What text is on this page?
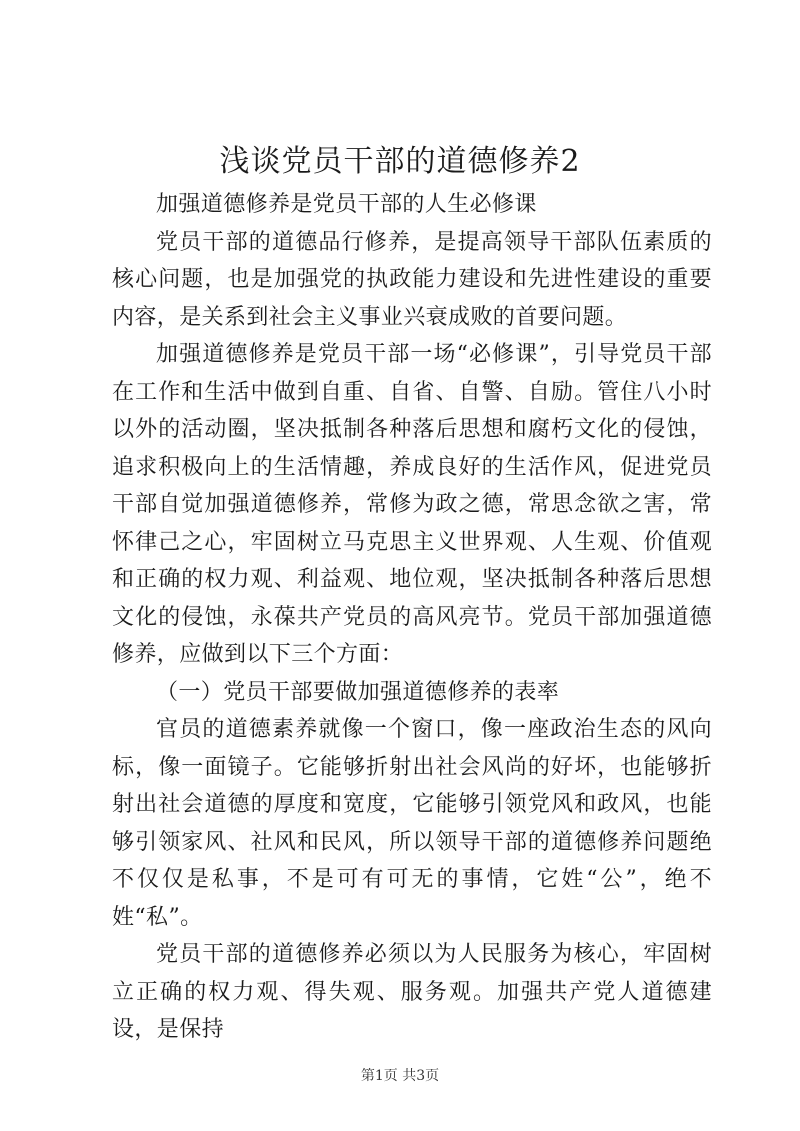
浅谈党员干部的道德修养2

加强道德修养是党员干部的人生必修课

党员干部的道德品行修养，是提高领导干部队伍素质的核心问题，也是加强党的执政能力建设和先进性建设的重要内容，是关系到社会主义事业兴衰成败的首要问题。

加强道德修养是党员干部一场“必修课”，引导党员干部在工作和生活中做到自重、自省、自警、自励。管住八小时以外的活动圈，坚决抵制各种落后思想和腐朽文化的侵蚀，追求积极向上的生活情趣，养成良好的生活作风，促进党员干部自觉加强道德修养，常修为政之德，常思念欲之害，常怀律己之心，牢固树立马克思主义世界观、人生观、价值观和正确的权力观、利益观、地位观，坚决抵制各种落后思想文化的侵蚀，永葆共产党员的高风亮节。党员干部加强道德修养，应做到以下三个方面：

（一）党员干部要做加强道德修养的表率

官员的道德素养就像一个窗口，像一座政治生态的风向标，像一面镜子。它能够折射出社会风尚的好坏，也能够折射出社会道德的厚度和宽度，它能够引领党风和政风，也能够引领家风、社风和民风，所以领导干部的道德修养问题绝不仅仅是私事，不是可有可无的事情，它姓“公”，绝不姓“私”。

党员干部的道德修养必须以为人民服务为核心，牢固树立正确的权力观、得失观、服务观。加强共产党人道德建设，是保持

第1页 共3页
